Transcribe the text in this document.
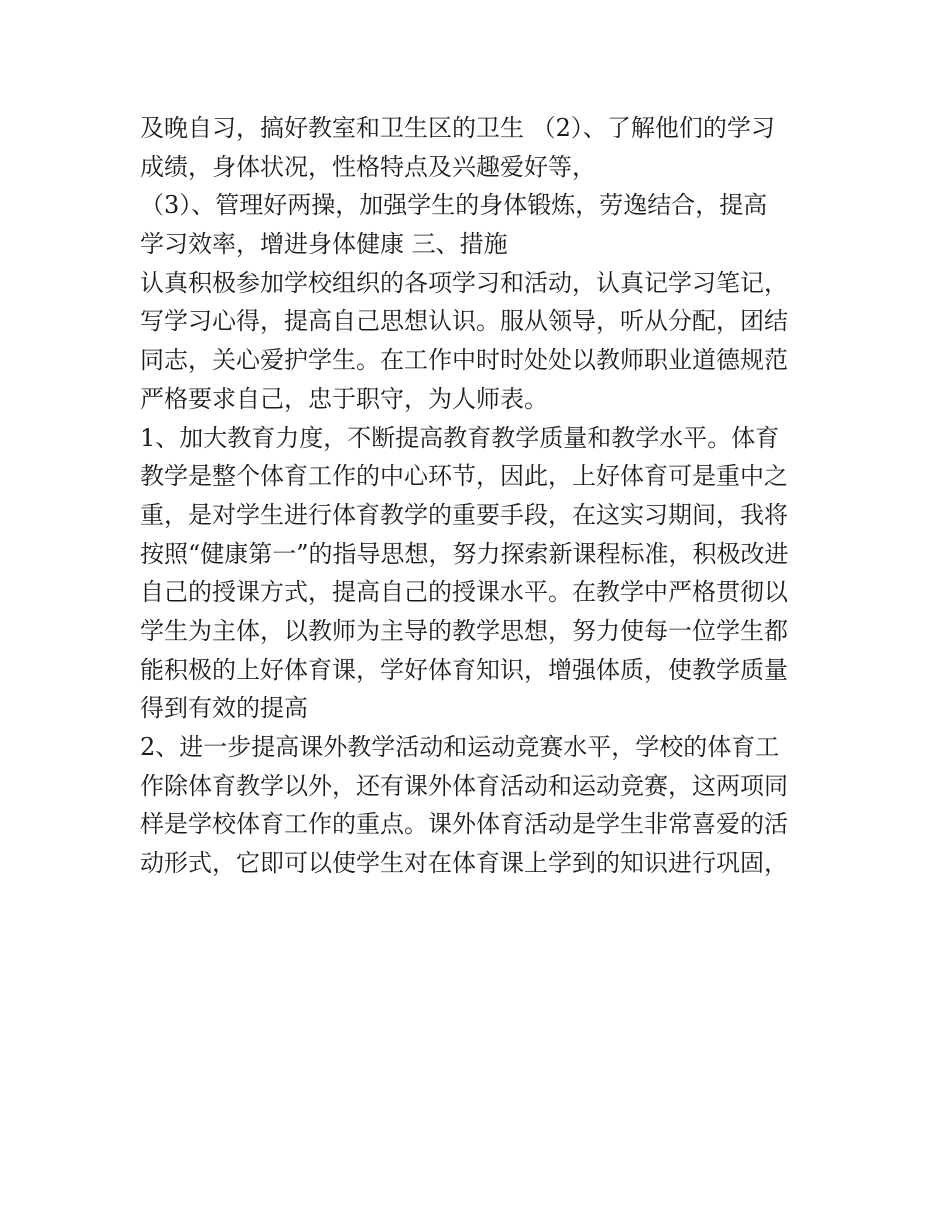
及晚自习，搞好教室和卫生区的卫生 （2）、了解他们的学习
成绩，身体状况，性格特点及兴趣爱好等，
（3）、管理好两操，加强学生的身体锻炼，劳逸结合，提高
学习效率，增进身体健康 三、措施
认真积极参加学校组织的各项学习和活动，认真记学习笔记，
写学习心得，提高自己思想认识。服从领导，听从分配，团结
同志，关心爱护学生。在工作中时时处处以教师职业道德规范
严格要求自己，忠于职守，为人师表。
1、加大教育力度，不断提高教育教学质量和教学水平。体育
教学是整个体育工作的中心环节，因此，上好体育可是重中之
重，是对学生进行体育教学的重要手段，在这实习期间，我将
按照“健康第一”的指导思想，努力探索新课程标准，积极改进
自己的授课方式，提高自己的授课水平。在教学中严格贯彻以
学生为主体，以教师为主导的教学思想，努力使每一位学生都
能积极的上好体育课，学好体育知识，增强体质，使教学质量
得到有效的提高
2、进一步提高课外教学活动和运动竞赛水平，学校的体育工
作除体育教学以外，还有课外体育活动和运动竞赛，这两项同
样是学校体育工作的重点。课外体育活动是学生非常喜爱的活
动形式，它即可以使学生对在体育课上学到的知识进行巩固，
